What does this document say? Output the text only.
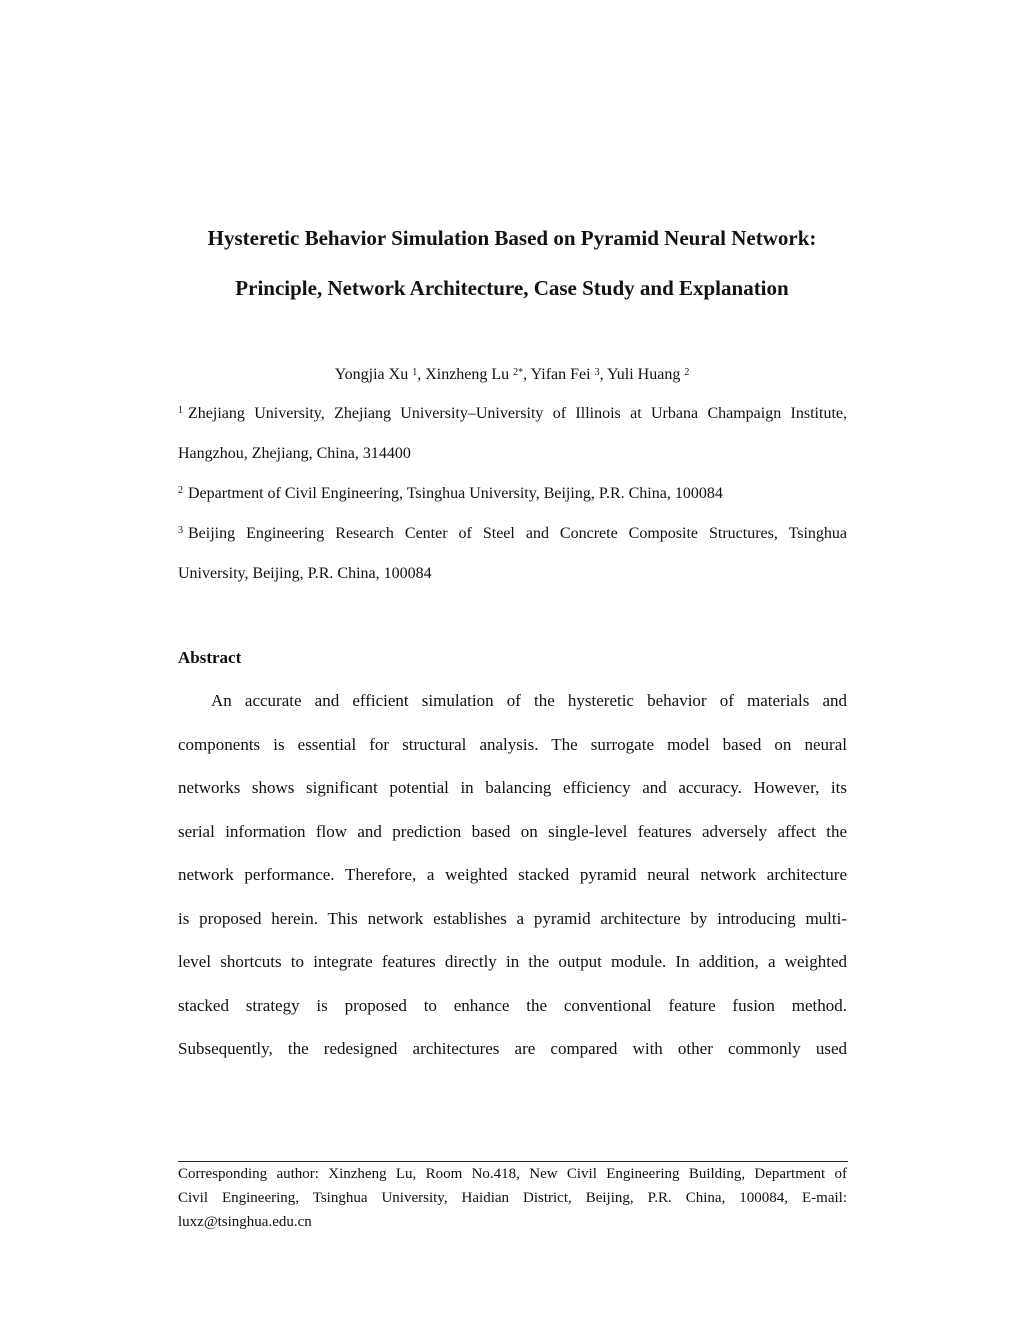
Hysteretic Behavior Simulation Based on Pyramid Neural Network:
Principle, Network Architecture, Case Study and Explanation
Yongjia Xu $^1$, Xinzheng Lu $^{2*}$, Yifan Fei $^3$, Yuli Huang $^2$

$^1$ Zhejiang University, Zhejiang University–University of Illinois at Urbana Champaign Institute,

Hangzhou, Zhejiang, China, 314400

$^2$ Department of Civil Engineering, Tsinghua University, Beijing, P.R. China, 100084

$^3$ Beijing Engineering Research Center of Steel and Concrete Composite Structures, Tsinghua

University, Beijing, P.R. China, 100084

Abstract
An accurate and efficient simulation of the hysteretic behavior of materials and
components is essential for structural analysis. The surrogate model based on neural
networks shows significant potential in balancing efficiency and accuracy. However, its
serial information flow and prediction based on single-level features adversely affect the
network performance. Therefore, a weighted stacked pyramid neural network architecture
is proposed herein. This network establishes a pyramid architecture by introducing multi-
level shortcuts to integrate features directly in the output module. In addition, a weighted
stacked strategy is proposed to enhance the conventional feature fusion method.
Subsequently, the redesigned architectures are compared with other commonly used

Corresponding author: Xinzheng Lu, Room No.418, New Civil Engineering Building, Department of

Civil Engineering, Tsinghua University, Haidian District, Beijing, P.R. China, 100084, E-mail:

luxz@tsinghua.edu.cn
